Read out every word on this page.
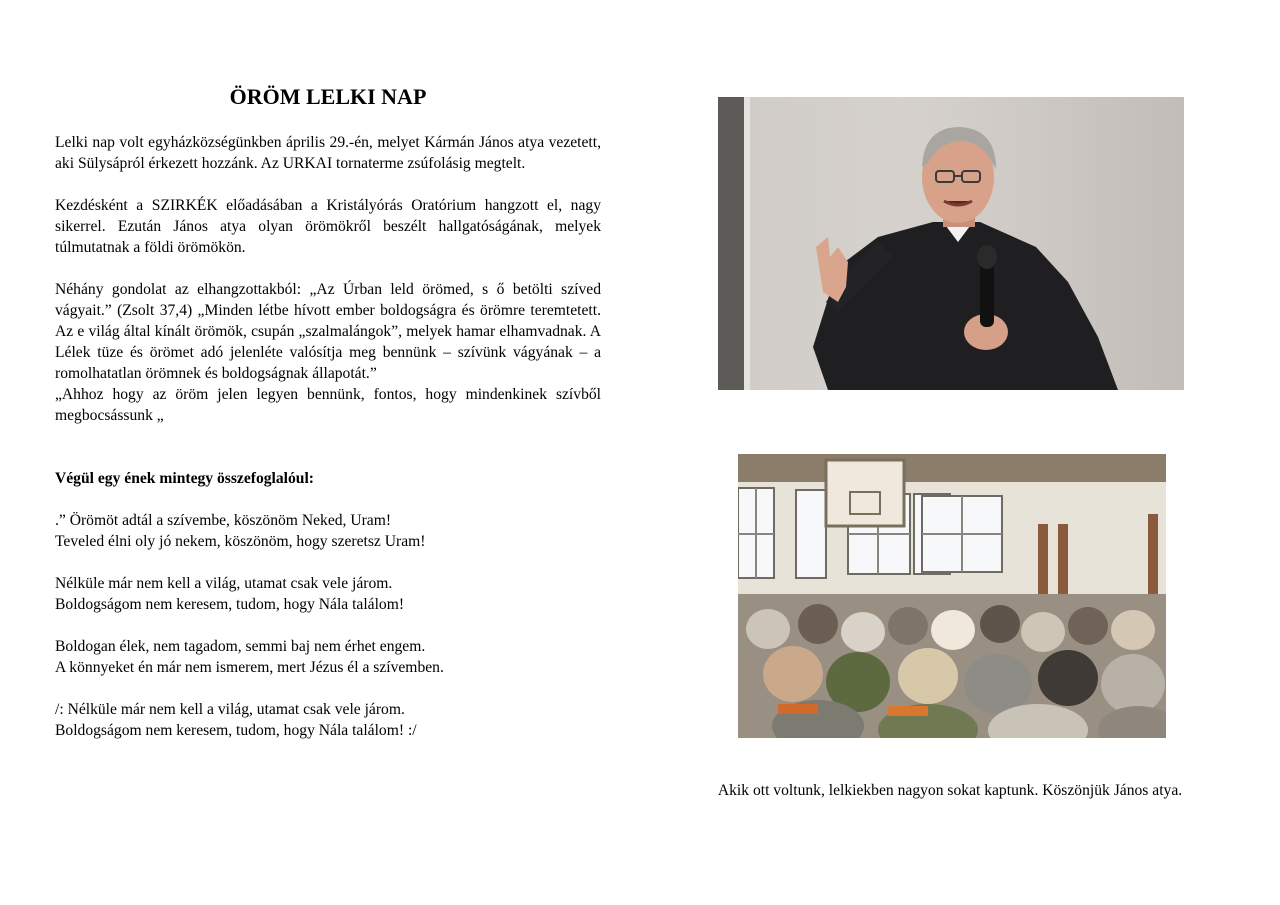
ÖRÖM LELKI NAP
Lelki nap volt egyházközségünkben április 29.-én, melyet Kármán János atya vezetett, aki Sülysápról érkezett hozzánk. Az URKAI tornaterme zsúfolásig megtelt.
Kezdésként a SZIRKÉK előadásában a Kristályórás Oratórium hangzott el, nagy sikerrel. Ezután János atya olyan örömökről beszélt hallgatóságának, melyek túlmutatnak a földi örömökön.
Néhány gondolat az elhangzottakból: „Az Úrban leld örömed, s ő betölti szíved vágyait.” (Zsolt 37,4) „Minden létbe hívott ember boldogságra és örömre teremtetett. Az e világ által kínált örömök, csupán „szalmalángok”, melyek hamar elhamvadnak. A Lélek tüze és örömet adó jelenléte valósítja meg bennünk – szívünk vágyának – a romolhatatlan örömnek és boldogságnak állapotát.”
„Ahhoz hogy az öröm jelen legyen bennünk, fontos, hogy mindenkinek szívből megbocsássunk „
Végül egy ének mintegy összefoglalóul:
.” Örömöt adtál a szívembe, köszönöm Neked, Uram!
Teveled élni oly jó nekem, köszönöm, hogy szeretsz Uram!
Nélküle már nem kell a világ, utamat csak vele járom.
Boldogságom nem keresem, tudom, hogy Nála találom!
Boldogan élek, nem tagadom, semmi baj nem érhet engem.
A könnyeket én már nem ismerem, mert Jézus él a szívemben.
/: Nélküle már nem kell a világ, utamat csak vele járom.
Boldogságom nem keresem, tudom, hogy Nála találom! :/
Akik ott voltunk, lelkiekben nagyon sokat kaptunk. Köszönjük János atya.
